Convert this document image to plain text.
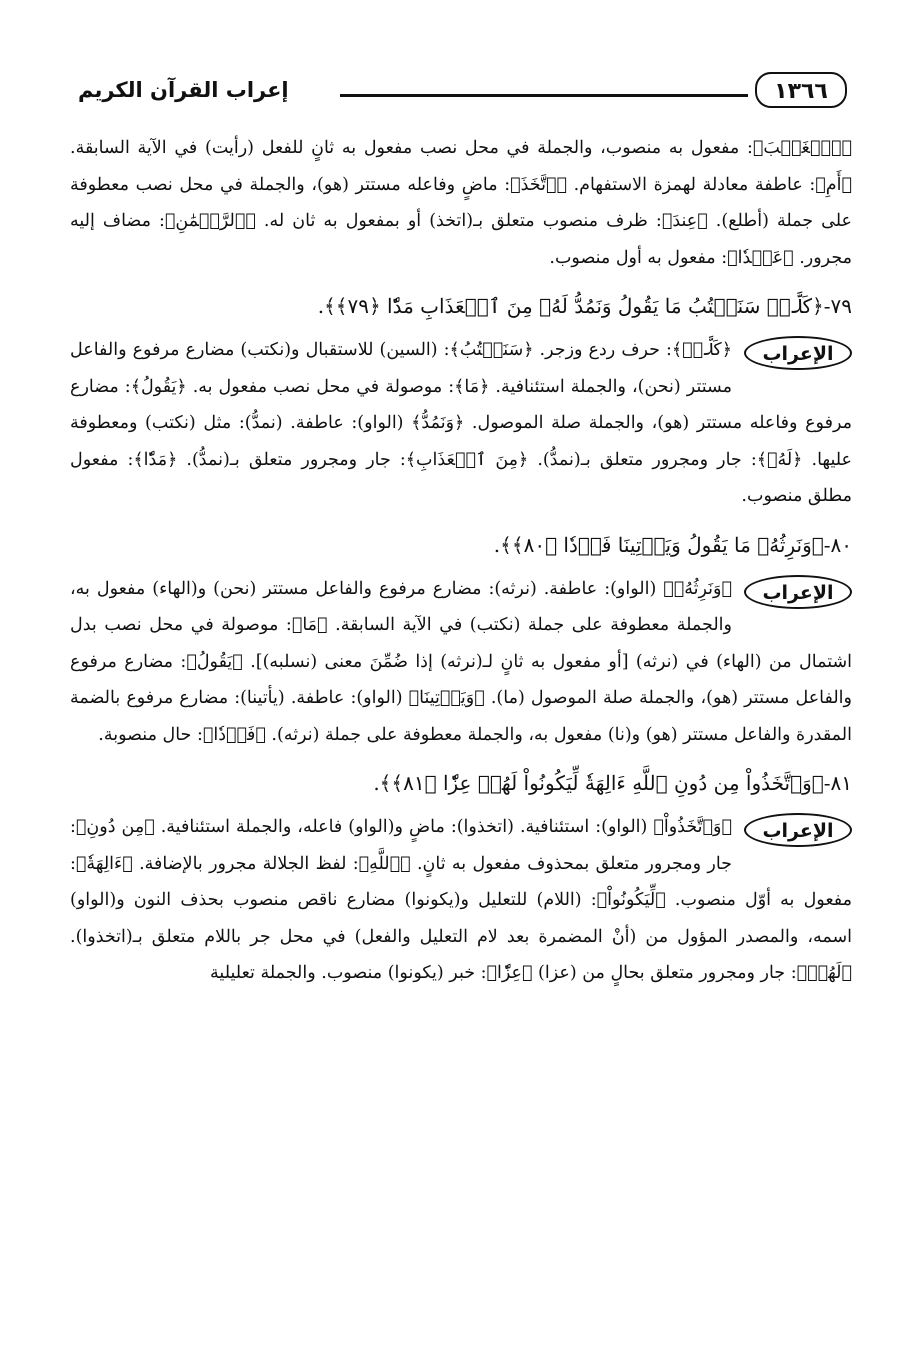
إعراب القرآن الكريم	١٣٦٦

﴿ٱلۡغَيۡبَ﴾: مفعول به منصوب، والجملة في محل نصب مفعول به ثانٍ للفعل (رأيت) في الآية السابقة. ﴿أَمِ﴾: عاطفة معادلة لهمزة الاستفهام. ﴿ٱتَّخَذَ﴾: ماضٍ وفاعله مستتر (هو)، والجملة في محل نصب معطوفة على جملة (أطلع). ﴿عِندَ﴾: ظرف منصوب متعلق بـ(اتخذ) أو بمفعول به ثان له. ﴿ٱلرَّحۡمَٰنِ﴾: مضاف إليه مجرور. ﴿عَهۡدٗا﴾: مفعول به أول منصوب.

٧٩-﴿كَلَّاۚ سَنَكۡتُبُ مَا يَقُولُ وَنَمُدُّ لَهُۥ مِنَ ٱلۡعَذَابِ مَدّٗا ﴿٧٩﴾﴾.
الإعراب

﴿كَلَّآۚ﴾: حرف ردع وزجر. ﴿سَنَكۡتُبُ﴾: (السين) للاستقبال و(نكتب) مضارع مرفوع والفاعل مستتر (نحن)، والجملة استئنافية. ﴿مَا﴾: موصولة في محل نصب مفعول به. ﴿يَقُولُ﴾: مضارع مرفوع وفاعله مستتر (هو)، والجملة صلة الموصول. ﴿وَنَمُدُّ﴾ (الواو): عاطفة. (نمدُّ): مثل (نكتب) ومعطوفة عليها. ﴿لَهُۥ﴾: جار ومجرور متعلق بـ(نمدُّ). ﴿مِنَ ٱلۡعَذَابِ﴾: جار ومجرور متعلق بـ(نمدُّ). ﴿مَدّٗا﴾: مفعول مطلق منصوب.

٨٠-﴿وَنَرِثُهُۥ مَا يَقُولُ وَيَأۡتِينَا فَرۡدٗا ﴿٨٠﴾﴾.
الإعراب

﴿وَنَرِثُهُۥ﴾ (الواو): عاطفة. (نرثه): مضارع مرفوع والفاعل مستتر (نحن) و(الهاء) مفعول به، والجملة معطوفة على جملة (نكتب) في الآية السابقة. ﴿مَا﴾: موصولة في محل نصب بدل اشتمال من (الهاء) في (نرثه) [أو مفعول به ثانٍ لـ(نرثه) إذا ضُمِّنَ معنى (نسلبه)]. ﴿يَقُولُ﴾: مضارع مرفوع والفاعل مستتر (هو)، والجملة صلة الموصول (ما). ﴿وَيَأۡتِينَا﴾ (الواو): عاطفة. (يأتينا): مضارع مرفوع بالضمة المقدرة والفاعل مستتر (هو) و(نا) مفعول به، والجملة معطوفة على جملة (نرثه). ﴿فَرۡدٗا﴾: حال منصوبة.

٨١-﴿وَٱتَّخَذُواْ مِن دُونِ ٱللَّهِ ءَالِهَةٗ لِّيَكُونُواْ لَهُمۡ عِزّٗا ﴿٨١﴾﴾.
الإعراب

﴿وَٱتَّخَذُواْ﴾ (الواو): استئنافية. (اتخذوا): ماضٍ و(الواو) فاعله، والجملة استئنافية. ﴿مِن دُونِ﴾: جار ومجرور متعلق بمحذوف مفعول به ثانٍ. ﴿ٱللَّهِ﴾: لفظ الجلالة مجرور بالإضافة. ﴿ءَالِهَةٗ﴾: مفعول به أوّل منصوب. ﴿لِّيَكُونُواْ﴾: (اللام) للتعليل و(يكونوا) مضارع ناقص منصوب بحذف النون و(الواو) اسمه، والمصدر المؤول من (أنْ المضمرة بعد لام التعليل والفعل) في محل جر باللام متعلق بـ(اتخذوا). ﴿لَهُمۡ﴾: جار ومجرور متعلق بحالٍ من (عزا) ﴿عِزّٗا﴾: خبر (يكونوا) منصوب. والجملة تعليلية
